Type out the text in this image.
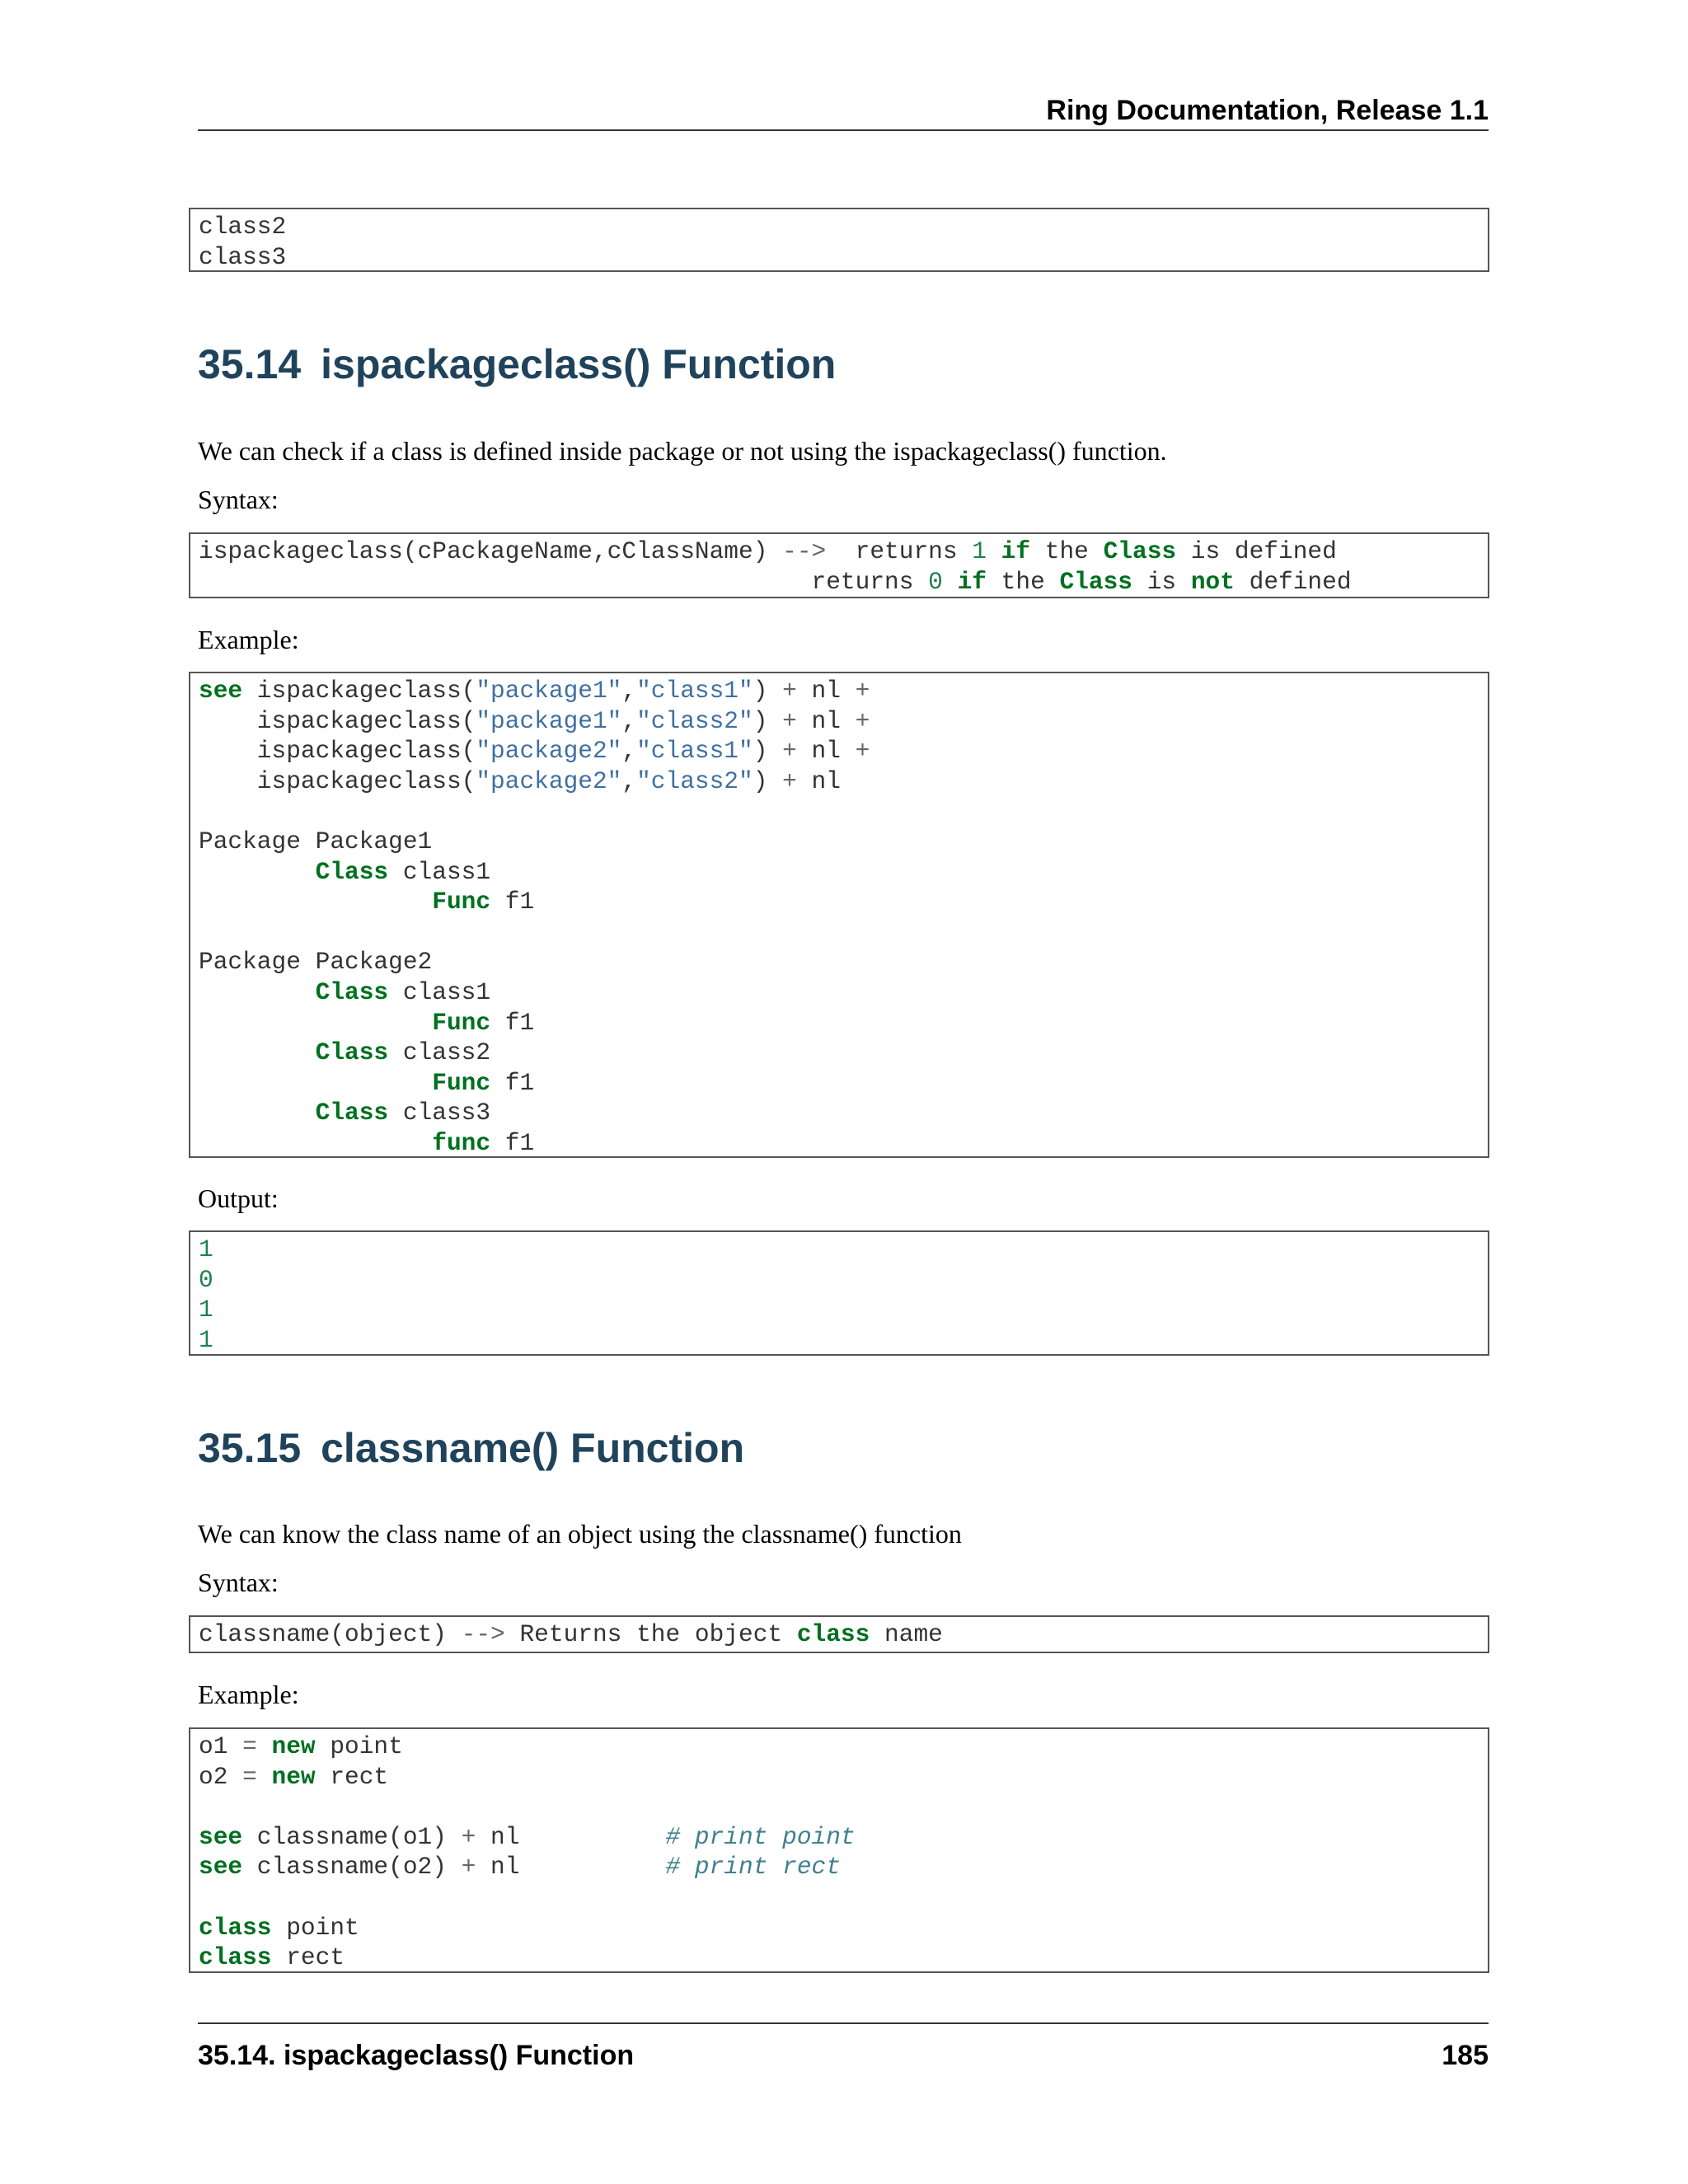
Ring Documentation, Release 1.1
class2
class3
35.14 ispackageclass() Function

We can check if a class is defined inside package or not using the ispackageclass() function.

Syntax:

ispackageclass(cPackageName,cClassName) -->  returns 1 if the Class is defined
returns 0 if the Class is not defined

Example:

see ispackageclass("package1","class1") + nl +
ispackageclass("package1","class2") + nl +
ispackageclass("package2","class1") + nl +
ispackageclass("package2","class2") + nl
Package Package1
Class class1
Func f1
Package Package2
Class class1
Func f1
Class class2
Func f1
Class class3
func f1

Output:

1
0
1
1
35.15 classname() Function

We can know the class name of an object using the classname() function

Syntax:

classname(object) --> Returns the object class name

Example:

o1 = new point
o2 = new rect
see classname(o1) + nl          # print point
see classname(o2) + nl          # print rect
class point
class rect
35.14. ispackageclass() Function	185
